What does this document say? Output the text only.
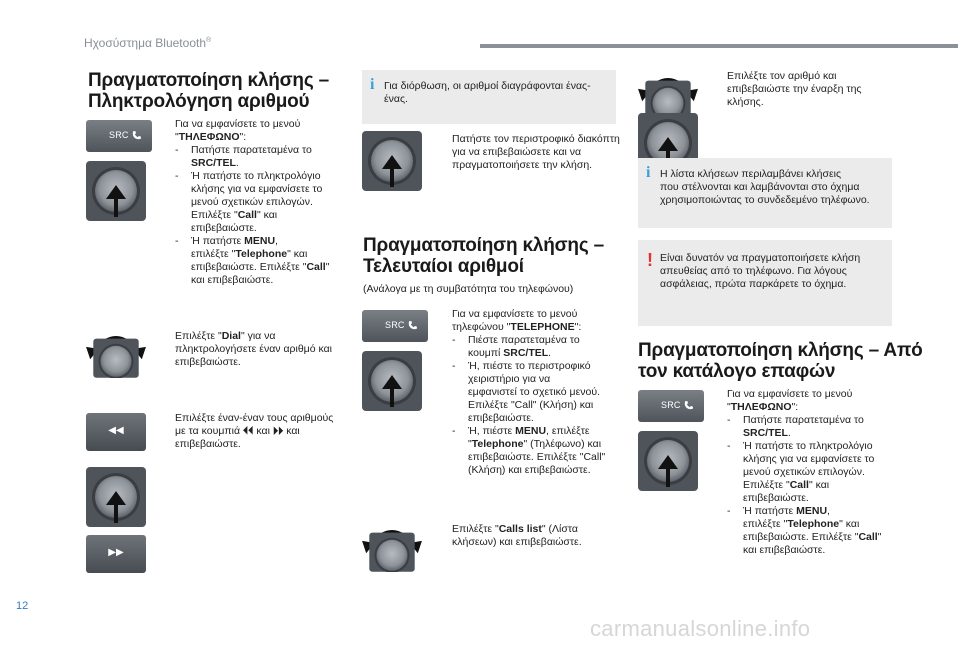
Ηχοσύστημα Bluetooth®
Πραγματοποίηση κλήσης –
Πληκτρολόγηση αριθμού
SRC

Για να εμφανίσετε το μενού

"ΤΗΛΕΦΩΝΟ":

- Πατήστε παρατεταμένα το
SRC/TEL.

- Ή πατήστε το πληκτρολόγιο
κλήσης για να εμφανίσετε το
μενού σχετικών επιλογών.
Επιλέξτε "Call" και
επιβεβαιώστε.

- Ή πατήστε MENU,
επιλέξτε "Telephone" και
επιβεβαιώστε. Επιλέξτε "Call"
και επιβεβαιώστε.

Επιλέξτε "Dial" για να

πληκτρολογήσετε έναν αριθμό και

επιβεβαιώστε.

◀◀

Επιλέξτε έναν-έναν τους αριθμούς

με τα κουμπιά ⏴⏴ και ⏵⏵ και

επιβεβαιώστε.

▶▶
i Για διόρθωση, οι αριθμοί διαγράφονται ένας-ένας.

Πατήστε τον περιστροφικό διακόπτη

για να επιβεβαιώσετε και να

πραγματοποιήσετε την κλήση.

Πραγματοποίηση κλήσης –
Τελευταίοι αριθμοί
(Ανάλογα με τη συμβατότητα του τηλεφώνου)
SRC

Για να εμφανίσετε το μενού

τηλεφώνου "TELEPHONE":

- Πιέστε παρατεταμένα το
κουμπί SRC/TEL.

- Ή, πιέστε το περιστροφικό
χειριστήριο για να
εμφανιστεί το σχετικό μενού.
Επιλέξτε "Call" (Κλήση) και
επιβεβαιώστε.

- Ή, πιέστε MENU, επιλέξτε
"Telephone" (Τηλέφωνο) και
επιβεβαιώστε. Επιλέξτε "Call"
(Κλήση) και επιβεβαιώστε.

Επιλέξτε "Calls list" (Λίστα

κλήσεων) και επιβεβαιώστε.

Επιλέξτε τον αριθμό και

επιβεβαιώστε την έναρξη της

κλήσης.

i Η λίστα κλήσεων περιλαμβάνει κλήσεις

που στέλνονται και λαμβάνονται στο όχημα

χρησιμοποιώντας το συνδεδεμένο τηλέφωνο.

! Είναι δυνατόν να πραγματοποιήσετε κλήση

απευθείας από το τηλέφωνο. Για λόγους

ασφάλειας, πρώτα παρκάρετε το όχημα.

Πραγματοποίηση κλήσης – Από
τον κατάλογο επαφών
SRC

Για να εμφανίσετε το μενού

"ΤΗΛΕΦΩΝΟ":

- Πατήστε παρατεταμένα το
SRC/TEL.

- Ή πατήστε το πληκτρολόγιο
κλήσης για να εμφανίσετε το
μενού σχετικών επιλογών.
Επιλέξτε "Call" και
επιβεβαιώστε.

- Ή πατήστε MENU,
επιλέξτε "Telephone" και
επιβεβαιώστε. Επιλέξτε "Call"
και επιβεβαιώστε.

12
carmanualsonline.info
